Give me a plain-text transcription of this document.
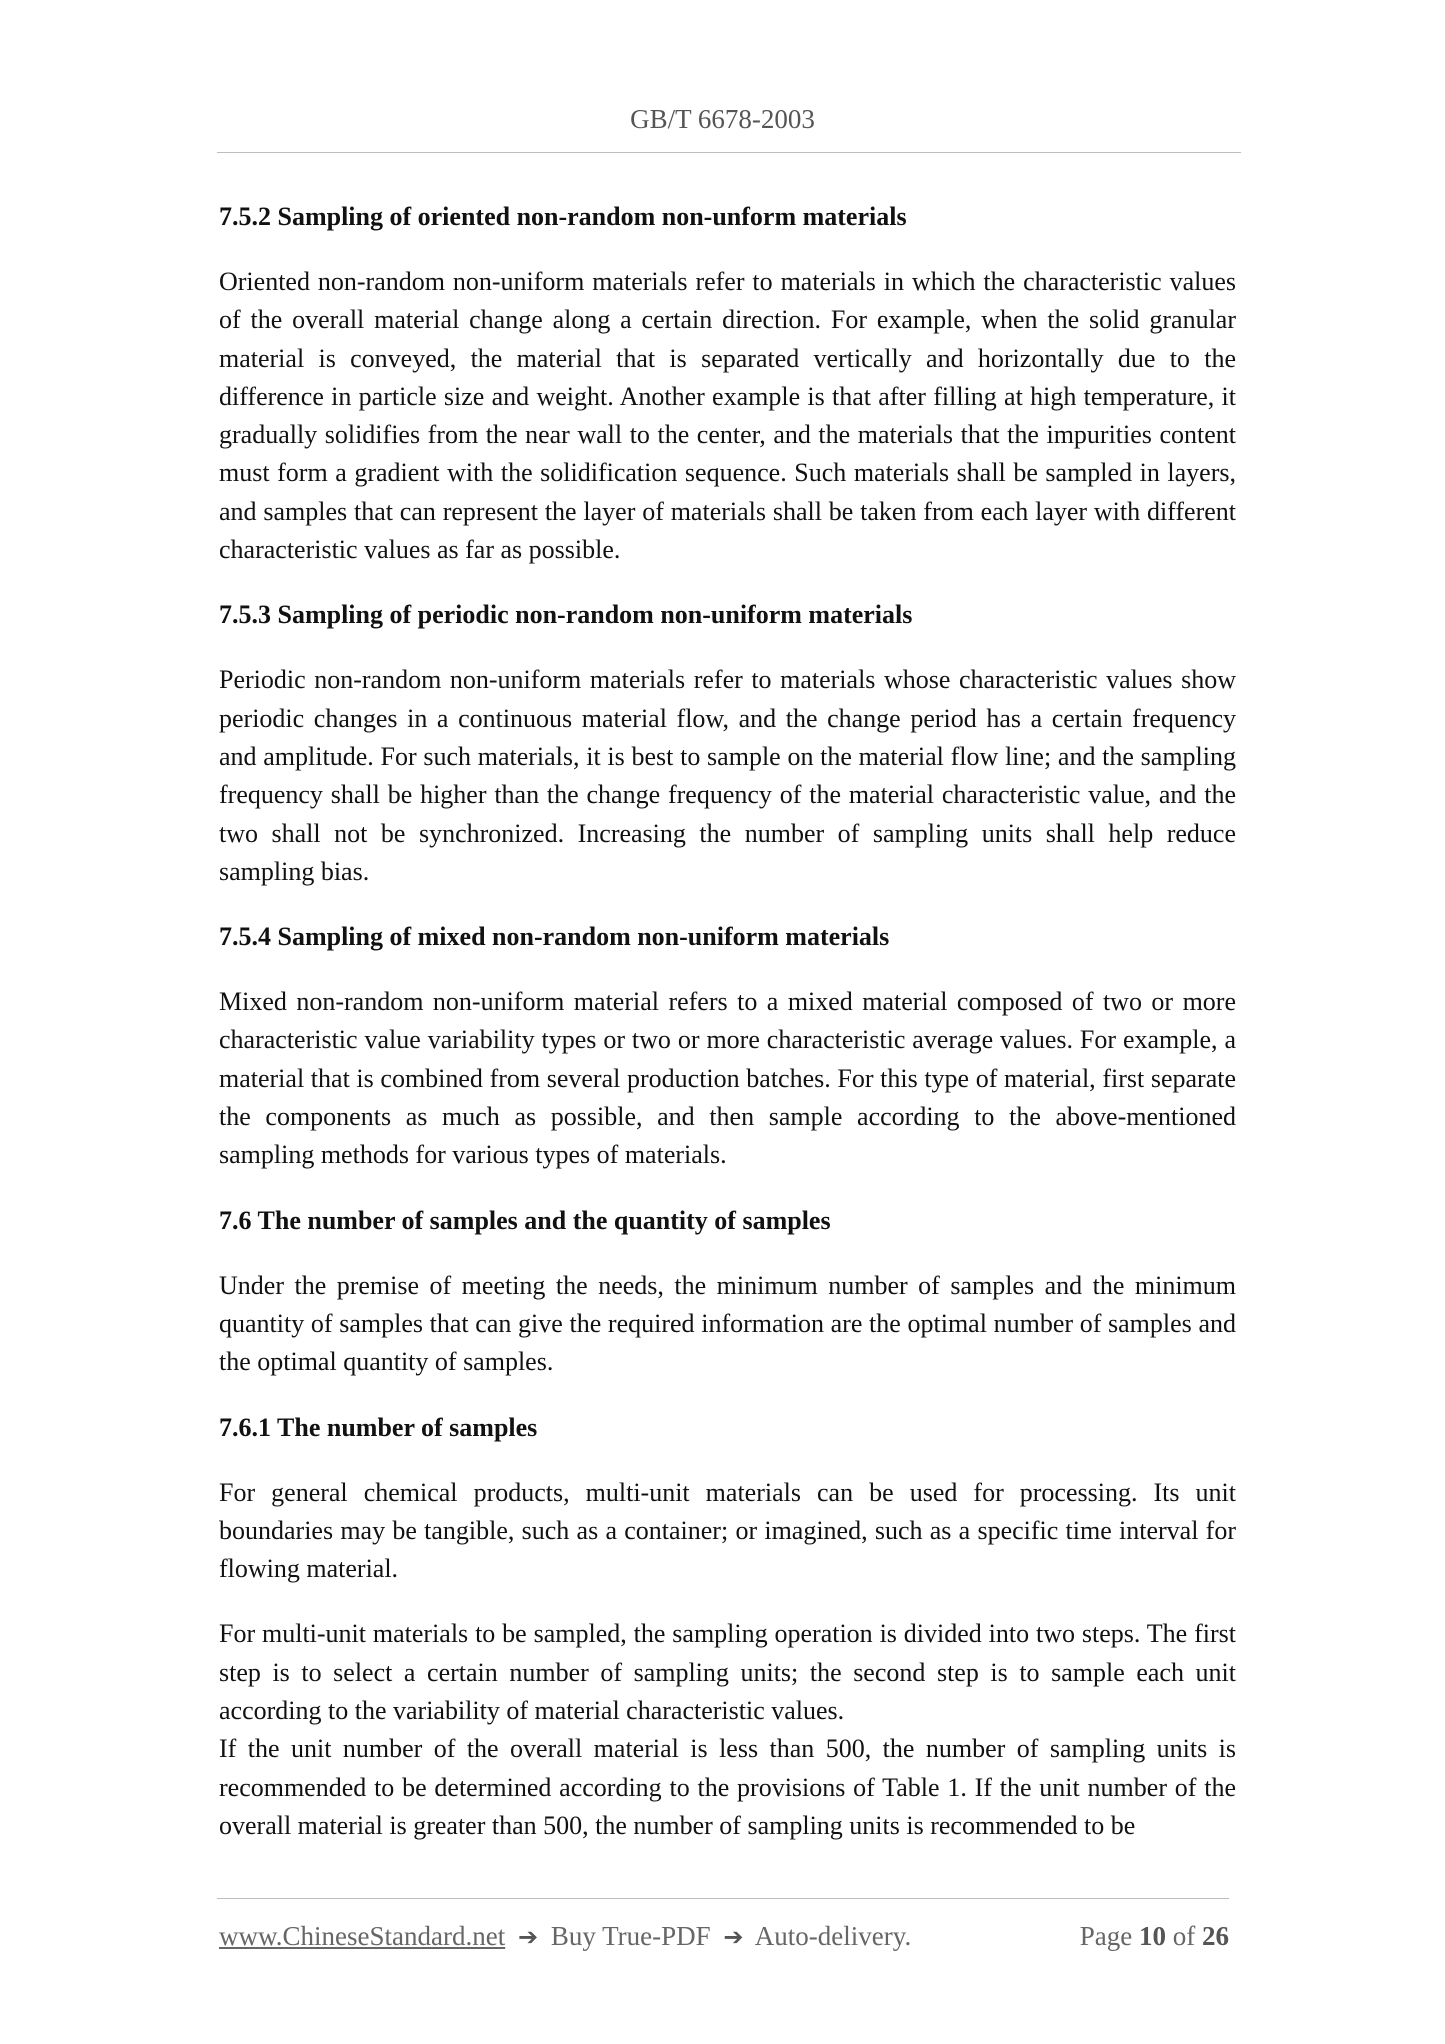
GB/T 6678-2003
7.5.2 Sampling of oriented non-random non-unform materials
Oriented non-random non-uniform materials refer to materials in which the characteristic values of the overall material change along a certain direction. For example, when the solid granular material is conveyed, the material that is separated vertically and horizontally due to the difference in particle size and weight. Another example is that after filling at high temperature, it gradually solidifies from the near wall to the center, and the materials that the impurities content must form a gradient with the solidification sequence. Such materials shall be sampled in layers, and samples that can represent the layer of materials shall be taken from each layer with different characteristic values as far as possible.
7.5.3 Sampling of periodic non-random non-uniform materials
Periodic non-random non-uniform materials refer to materials whose characteristic values show periodic changes in a continuous material flow, and the change period has a certain frequency and amplitude. For such materials, it is best to sample on the material flow line; and the sampling frequency shall be higher than the change frequency of the material characteristic value, and the two shall not be synchronized. Increasing the number of sampling units shall help reduce sampling bias.
7.5.4 Sampling of mixed non-random non-uniform materials
Mixed non-random non-uniform material refers to a mixed material composed of two or more characteristic value variability types or two or more characteristic average values. For example, a material that is combined from several production batches. For this type of material, first separate the components as much as possible, and then sample according to the above-mentioned sampling methods for various types of materials.
7.6 The number of samples and the quantity of samples
Under the premise of meeting the needs, the minimum number of samples and the minimum quantity of samples that can give the required information are the optimal number of samples and the optimal quantity of samples.
7.6.1 The number of samples
For general chemical products, multi-unit materials can be used for processing. Its unit boundaries may be tangible, such as a container; or imagined, such as a specific time interval for flowing material.
For multi-unit materials to be sampled, the sampling operation is divided into two steps. The first step is to select a certain number of sampling units; the second step is to sample each unit according to the variability of material characteristic values.
If the unit number of the overall material is less than 500, the number of sampling units is recommended to be determined according to the provisions of Table 1. If the unit number of the overall material is greater than 500, the number of sampling units is recommended to be
www.ChineseStandard.net ➔ Buy True-PDF ➔ Auto-delivery.	Page 10 of 26
